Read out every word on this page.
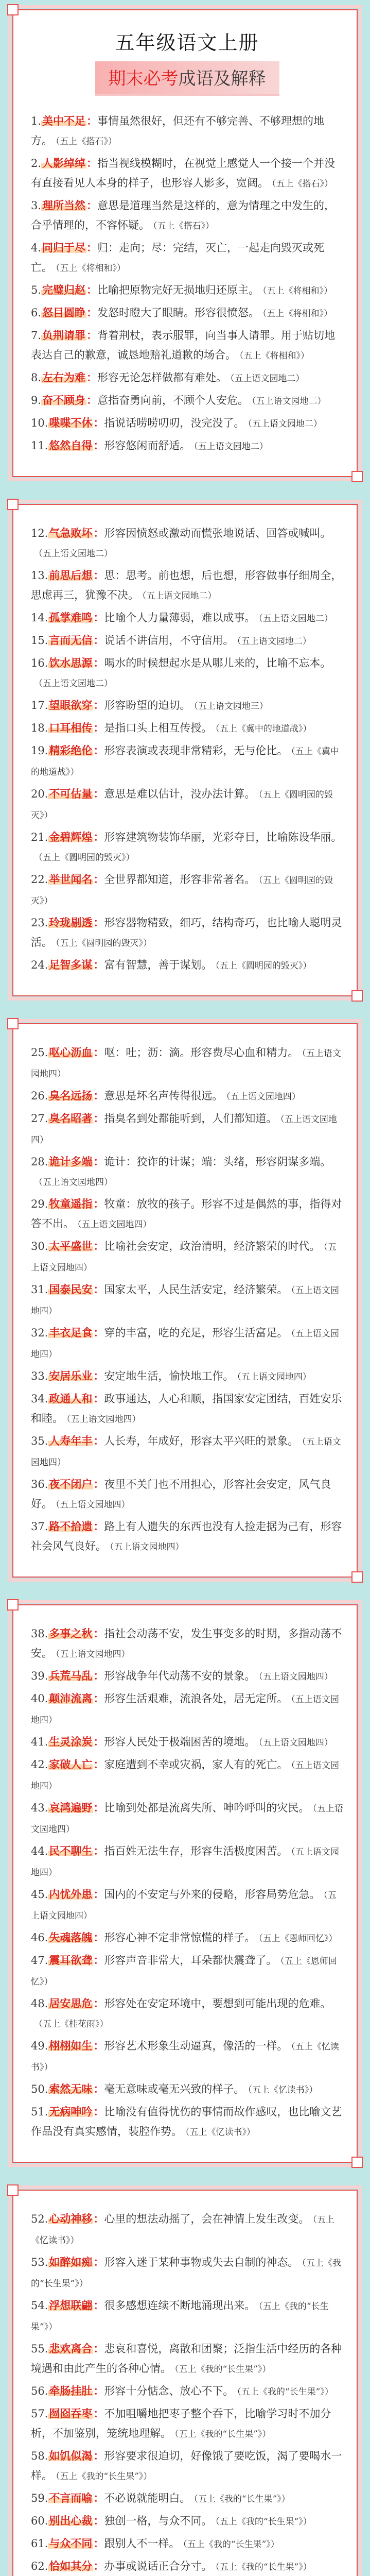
五年级语文上册
期末必考成语及解释

1.美中不足：事情虽然很好，但还有不够完善、不够理想的地方。 （五上《搭石》）

2.人影绰绰：指当视线模糊时，在视觉上感觉人一个接一个并没有直接看见人本身的样子，也形容人影多，宽阔。 （五上《搭石》）

3.理所当然：意思是道理当然是这样的，意为情理之中发生的，合乎情理的，不容怀疑。 （五上《搭石》）

4.同归于尽：归：走向；尽：完结，灭亡，一起走向毁灭或死亡。 （五上《将相和》）

5.完璧归赵：比喻把原物完好无损地归还原主。 （五上《将相和》）

6.怒目圆睁：发怒时瞪大了眼睛。形容很愤怒。 （五上《将相和》）

7.负荆请罪：背着荆杖，表示服罪，向当事人请罪。用于贴切地表达自己的歉意，诚恳地赔礼道歉的场合。 （五上《将相和》）

8.左右为难：形容无论怎样做都有难处。 （五上语文园地二）

9.奋不顾身：意指奋勇向前，不顾个人安危。 （五上语文园地二）

10.喋喋不休：指说话唠唠叨叨，没完没了。 （五上语文园地二）

11.悠然自得：形容悠闲而舒适。 （五上语文园地二）

12.气急败坏：形容因愤怒或激动而慌张地说话、回答或喊叫。（五上语文园地二）

13.前思后想：思：思考。前也想，后也想，形容做事仔细周全，思虑再三，犹豫不决。 （五上语文园地二）

14.孤掌难鸣：比喻个人力量薄弱，难以成事。 （五上语文园地二）

15.言而无信：说话不讲信用，不守信用。 （五上语文园地二）

16.饮水思源：喝水的时候想起水是从哪儿来的，比喻不忘本。（五上语文园地二）

17.望眼欲穿：形容盼望的迫切。 （五上语文园地三）

18.口耳相传：是指口头上相互传授。 （五上《冀中的地道战》）

19.精彩绝伦：形容表演或表现非常精彩，无与伦比。 （五上《冀中的地道战》）

20.不可估量：意思是难以估计，没办法计算。 （五上《圆明园的毁灭》）

21.金碧辉煌：形容建筑物装饰华丽，光彩夺目，比喻陈设华丽。（五上《圆明园的毁灭》）

22.举世闻名：全世界都知道，形容非常著名。 （五上《圆明园的毁灭》）

23.玲珑剔透：形容器物精致，细巧，结构奇巧，也比喻人聪明灵活。 （五上《圆明园的毁灭》）

24.足智多谋：富有智慧，善于谋划。 （五上《圆明园的毁灭》）

25.呕心沥血：呕：吐；沥：滴。形容费尽心血和精力。 （五上语文园地四）

26.臭名远扬：意思是坏名声传得很远。 （五上语文园地四）

27.臭名昭著：指臭名到处都能听到，人们都知道。 （五上语文园地四）

28.诡计多端：诡计：狡诈的计谋；端：头绪，形容阴谋多端。（五上语文园地四）

29.牧童遥指：牧童：放牧的孩子。形容不过是偶然的事，指得对答不出。 （五上语文园地四）

30.太平盛世：比喻社会安定，政治清明，经济繁荣的时代。 （五上语文园地四）

31.国泰民安：国家太平，人民生活安定，经济繁荣。 （五上语文园地四）

32.丰衣足食：穿的丰富，吃的充足，形容生活富足。 （五上语文园地四）

33.安居乐业：安定地生活，愉快地工作。 （五上语文园地四）

34.政通人和：政事通达，人心和顺，指国家安定团结，百姓安乐和睦。 （五上语文园地四）

35.人寿年丰：人长寿，年成好，形容太平兴旺的景象。 （五上语文园地四）

36.夜不闭户：夜里不关门也不用担心，形容社会安定，风气良好。 （五上语文园地四）

37.路不拾遗：路上有人遗失的东西也没有人捡走据为己有，形容社会风气良好。 （五上语文园地四）

38.多事之秋：指社会动荡不安，发生事变多的时期，多指动荡不安。 （五上语文园地四）

39.兵荒马乱：形容战争年代动荡不安的景象。 （五上语文园地四）

40.颠沛流离：形容生活艰难，流浪各处，居无定所。 （五上语文园地四）

41.生灵涂炭：形容人民处于极端困苦的境地。 （五上语文园地四）

42.家破人亡：家庭遭到不幸或灾祸，家人有的死亡。 （五上语文园地四）

43.哀鸿遍野：比喻到处都是流离失所、呻吟呼叫的灾民。 （五上语文园地四）

44.民不聊生：指百姓无法生存，形容生活极度困苦。 （五上语文园地四）

45.内忧外患：国内的不安定与外来的侵略，形容局势危急。 （五上语文园地四）

46.失魂落魄：形容心神不定非常惊慌的样子。 （五上《恩师回忆》）

47.震耳欲聋：形容声音非常大，耳朵都快震聋了。 （五上《恩师回忆》）

48.居安思危：形容处在安定环境中，要想到可能出现的危难。（五上《桂花雨》）

49.栩栩如生：形容艺术形象生动逼真，像活的一样。 （五上《忆读书》）

50.索然无味：毫无意味或毫无兴致的样子。 （五上《忆读书》）

51.无病呻吟：比喻没有值得忧伤的事情而故作感叹，也比喻文艺作品没有真实感情，装腔作势。 （五上《忆读书》）

52.心动神移：心里的想法动摇了，会在神情上发生改变。 （五上《忆读书》）

53.如醉如痴：形容入迷于某种事物或失去自制的神态。 （五上《我的“长生果”》）

54.浮想联翩：很多感想连续不断地涌现出来。 （五上《我的“长生果”》）

55.悲欢离合：悲哀和喜悦，离散和团聚；泛指生活中经历的各种境遇和由此产生的各种心情。 （五上《我的“长生果”》）

56.牵肠挂肚：形容十分惦念、放心不下。 （五上《我的“长生果”》）

57.囫囵吞枣：不加咀嚼地把枣子整个吞下，比喻学习时不加分析，不加鉴别，笼统地理解。 （五上《我的“长生果”》）

58.如饥似渴：形容要求很迫切，好像饿了要吃饭，渴了要喝水一样。 （五上《我的“长生果”》）

59.不言而喻：不必说就能明白。 （五上《我的“长生果”》）

60.别出心裁：独创一格，与众不同。 （五上《我的“长生果”》）

61.与众不同：跟别人不一样。 （五上《我的“长生果”》）

62.恰如其分：办事或说话正合分寸。 （五上《我的“长生果”》）
